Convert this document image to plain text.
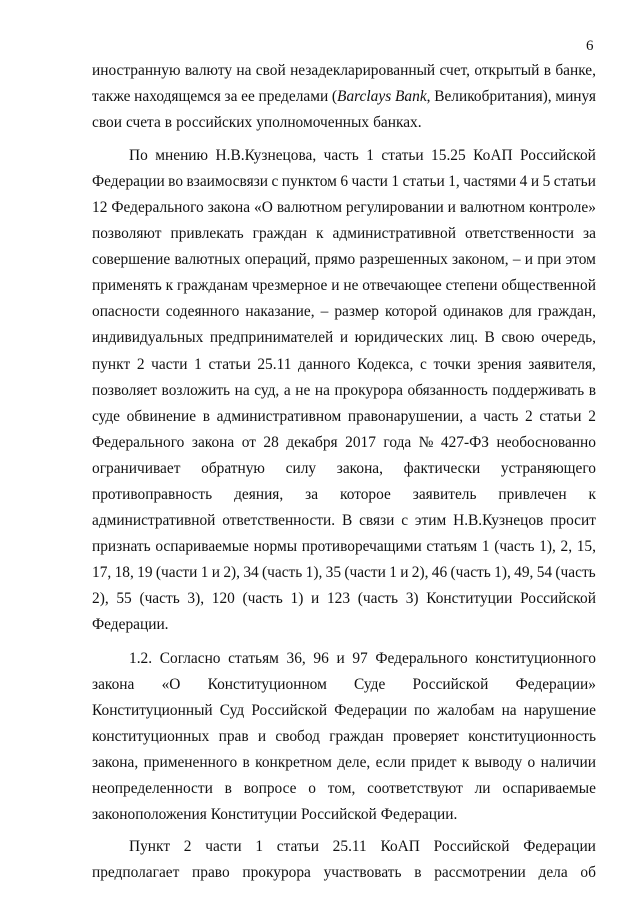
6
иностранную валюту на свой незадекларированный счет, открытый в банке,
также находящемся за ее пределами (Barclays Bank, Великобритания), минуя
свои счета в российских уполномоченных банках.
По мнению Н.В.Кузнецова, часть 1 статьи 15.25 КоАП Российской
Федерации во взаимосвязи с пунктом 6 части 1 статьи 1, частями 4 и 5 статьи
12 Федерального закона «О валютном регулировании и валютном контроле»
позволяют привлекать граждан к административной ответственности за
совершение валютных операций, прямо разрешенных законом, – и при этом
применять к гражданам чрезмерное и не отвечающее степени общественной
опасности содеянного наказание, – размер которой одинаков для граждан,
индивидуальных предпринимателей и юридических лиц. В свою очередь,
пункт 2 части 1 статьи 25.11 данного Кодекса, с точки зрения заявителя,
позволяет возложить на суд, а не на прокурора обязанность поддерживать в
суде обвинение в административном правонарушении, а часть 2 статьи 2
Федерального закона от 28 декабря 2017 года № 427-ФЗ необоснованно
ограничивает обратную силу закона, фактически устраняющего
противоправность деяния, за которое заявитель привлечен к
административной ответственности. В связи с этим Н.В.Кузнецов просит
признать оспариваемые нормы противоречащими статьям 1 (часть 1), 2, 15,
17, 18, 19 (части 1 и 2), 34 (часть 1), 35 (части 1 и 2), 46 (часть 1), 49, 54 (часть
2), 55 (часть 3), 120 (часть 1) и 123 (часть 3) Конституции Российской
Федерации.
1.2. Согласно статьям 36, 96 и 97 Федерального конституционного
закона «О Конституционном Суде Российской Федерации»
Конституционный Суд Российской Федерации по жалобам на нарушение
конституционных прав и свобод граждан проверяет конституционность
закона, примененного в конкретном деле, если придет к выводу о наличии
неопределенности в вопросе о том, соответствуют ли оспариваемые
законоположения Конституции Российской Федерации.
Пункт 2 части 1 статьи 25.11 КоАП Российской Федерации
предполагает право прокурора участвовать в рассмотрении дела об
